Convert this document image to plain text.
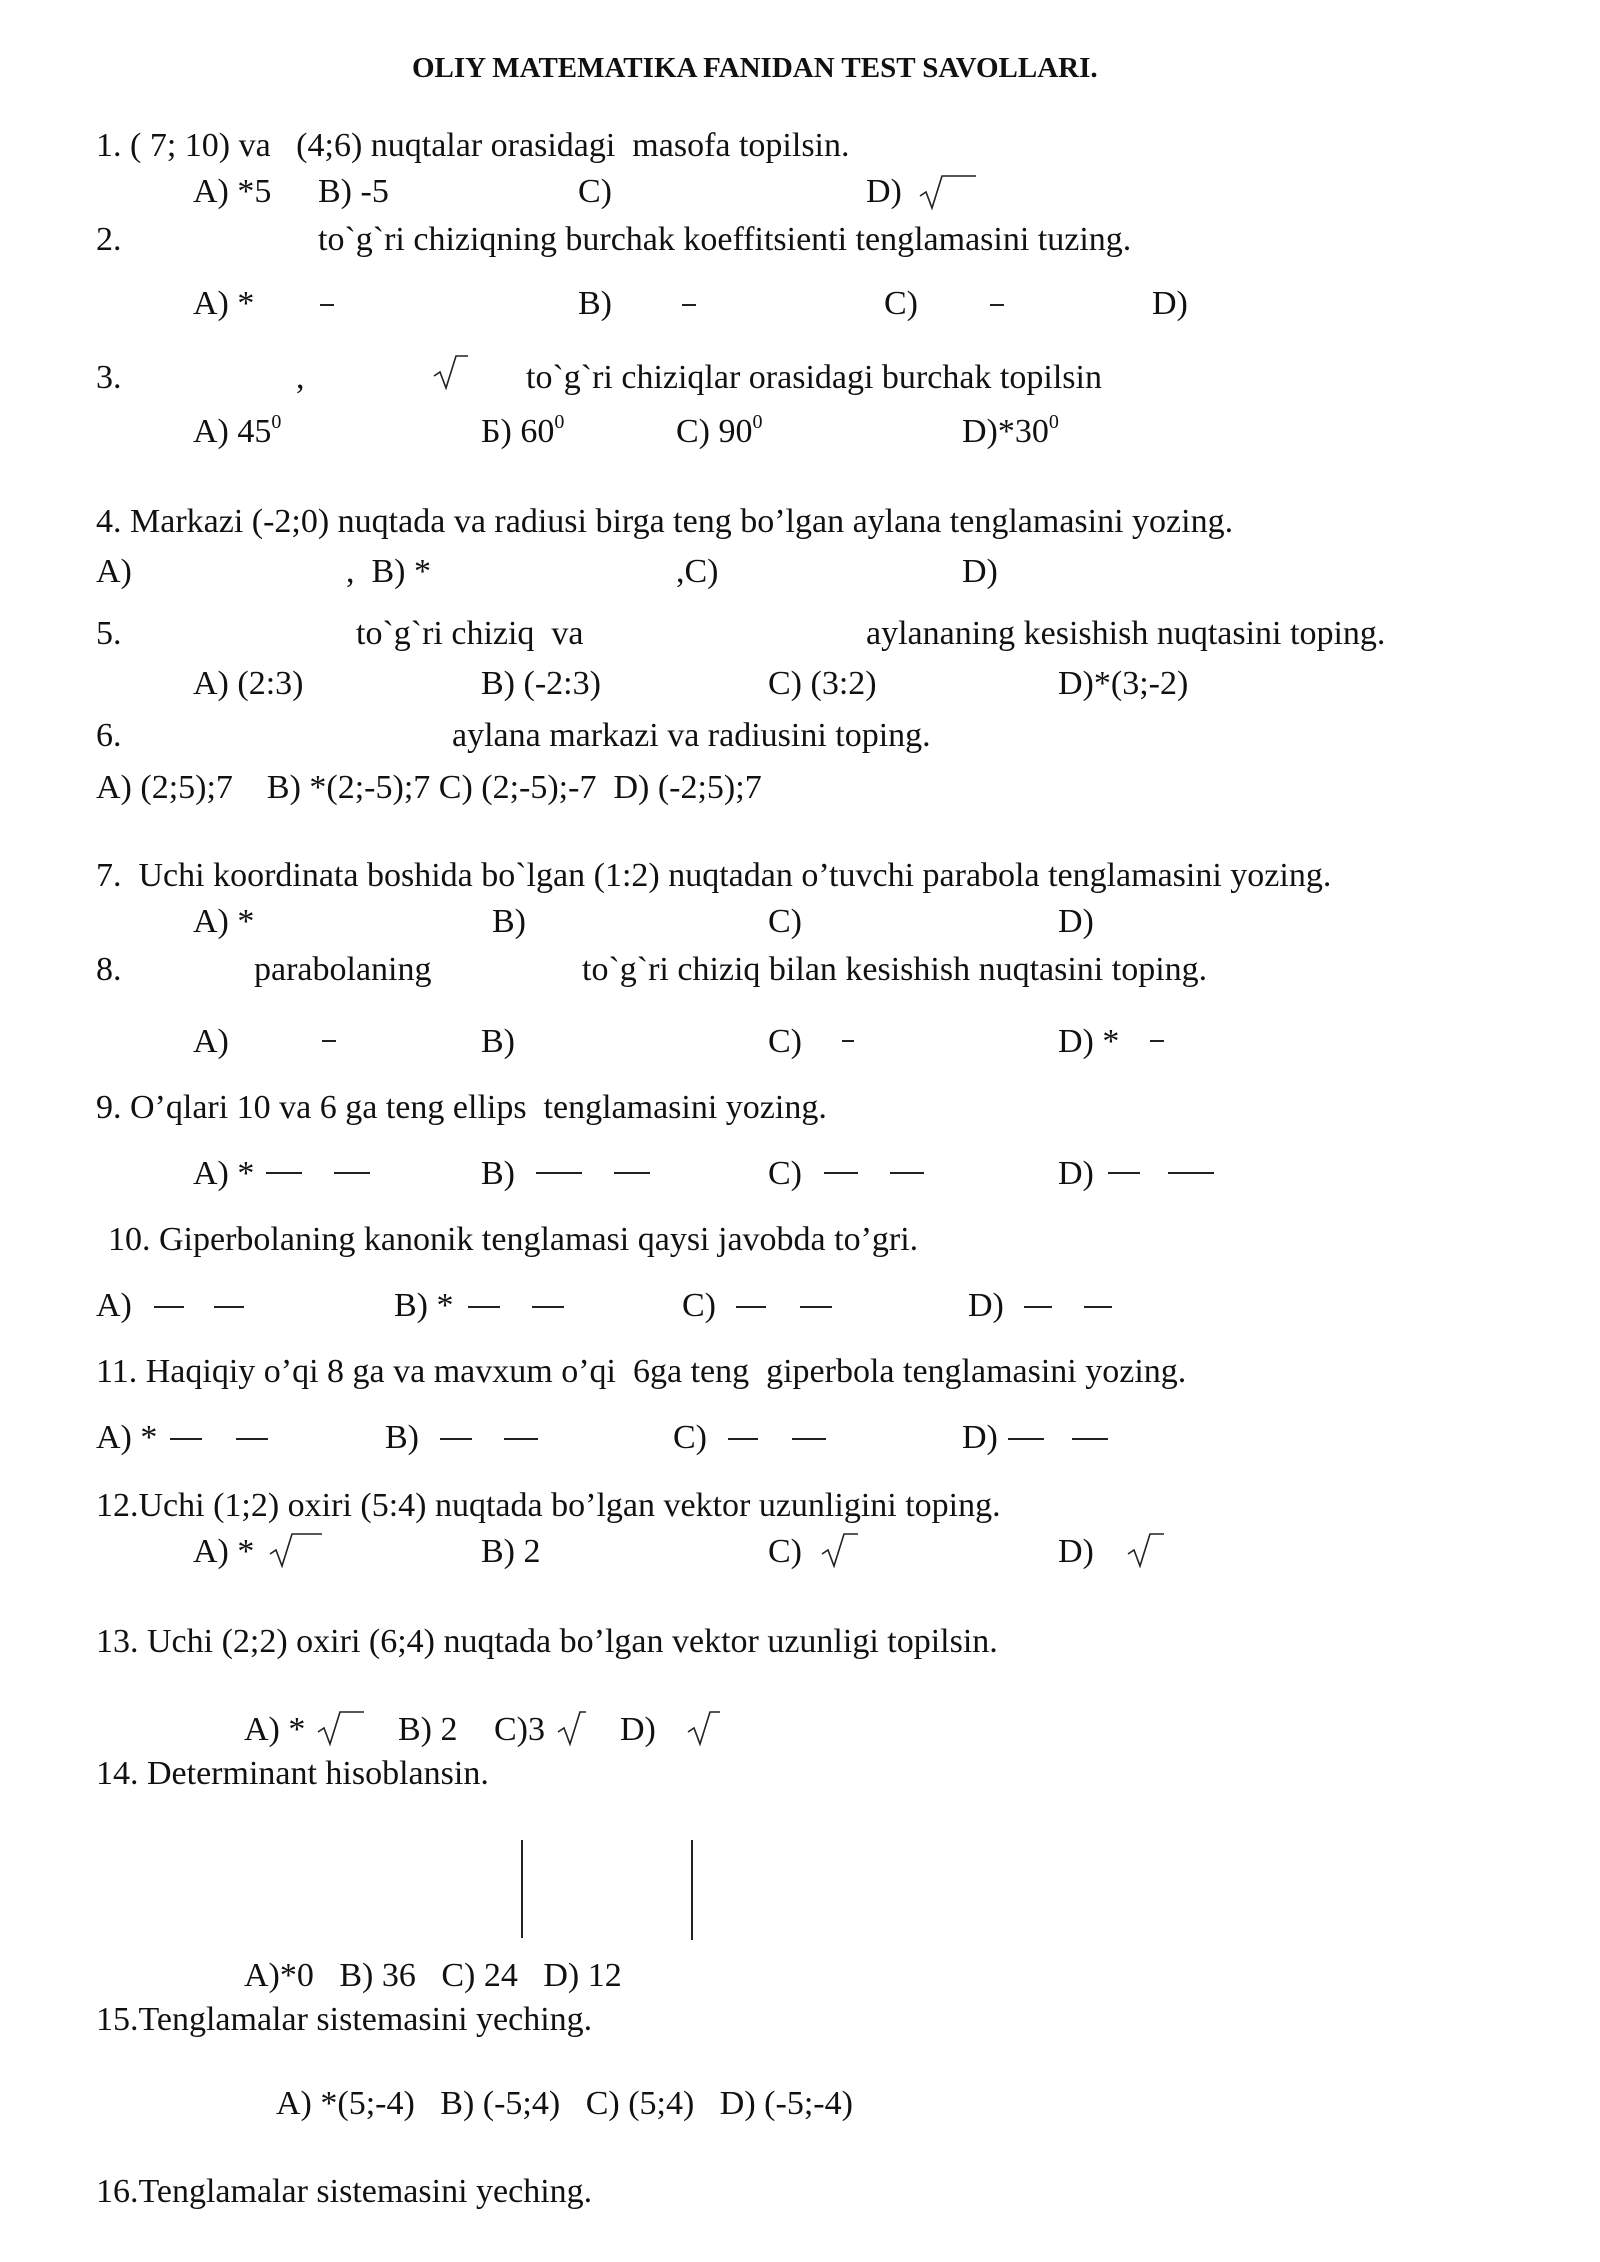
OLIY MATEMATIKA FANIDAN TEST SAVOLLARI.
1. ( 7; 10) va   (4;6) nuqtalar orasidagi  masofa topilsin.
A) *5 B) -5	C)	D)
2.	to`g`ri chiziqning burchak koeffitsienti tenglamasini tuzing.
A) *	B)	C)	D)
3.	,	to`g`ri chiziqlar orasidagi burchak topilsin
A) $45^0$	Б) $60^0$	C) $90^0$	$D)*30^0$
4. Markazi (-2;0) nuqtada va radiusi birga teng bo’lgan aylana tenglamasini yozing.
A)	,  B) *	,C)	D)
5.	to`g`ri chiziq  va	aylananing kesishish nuqtasini toping.
A) (2:3)	B) (-2:3)	C) (3:2)	D)*(3;-2)
6.	aylana markazi va radiusini toping.
A) (2;5);7    B) *(2;-5);7 C) (2;-5);-7  D) (-2;5);7
7.  Uchi koordinata boshida bo`lgan (1:2) nuqtadan o’tuvchi parabola tenglamasini yozing.
A) *	B)	C)	D)
8.	parabolaning	to`g`ri chiziq bilan kesishish nuqtasini toping.
A)	B)	C)	D) *
9. O’qlari 10 va 6 ga teng ellips  tenglamasini yozing.
A) *	B)	C)	D)
10. Giperbolaning kanonik tenglamasi qaysi javobda to’gri.
A)	B) *	C)	D)
11. Haqiqiy o’qi 8 ga va mavxum o’qi  6ga teng  giperbola tenglamasini yozing.
A) *	B)	C)	D)
12.Uchi (1;2) oxiri (5:4) nuqtada bo’lgan vektor uzunligini toping.
A) *	B) 2	C)	D)
13. Uchi (2;2) oxiri (6;4) nuqtada bo’lgan vektor uzunligi topilsin.
A) *	B) 2 C)3 D)
14. Determinant hisoblansin.
A)*0   B) 36   C) 24   D) 12
15.Tenglamalar sistemasini yeching.
A) *(5;-4)   B) (-5;4)   C) (5;4)   D) (-5;-4)
16.Tenglamalar sistemasini yeching.
